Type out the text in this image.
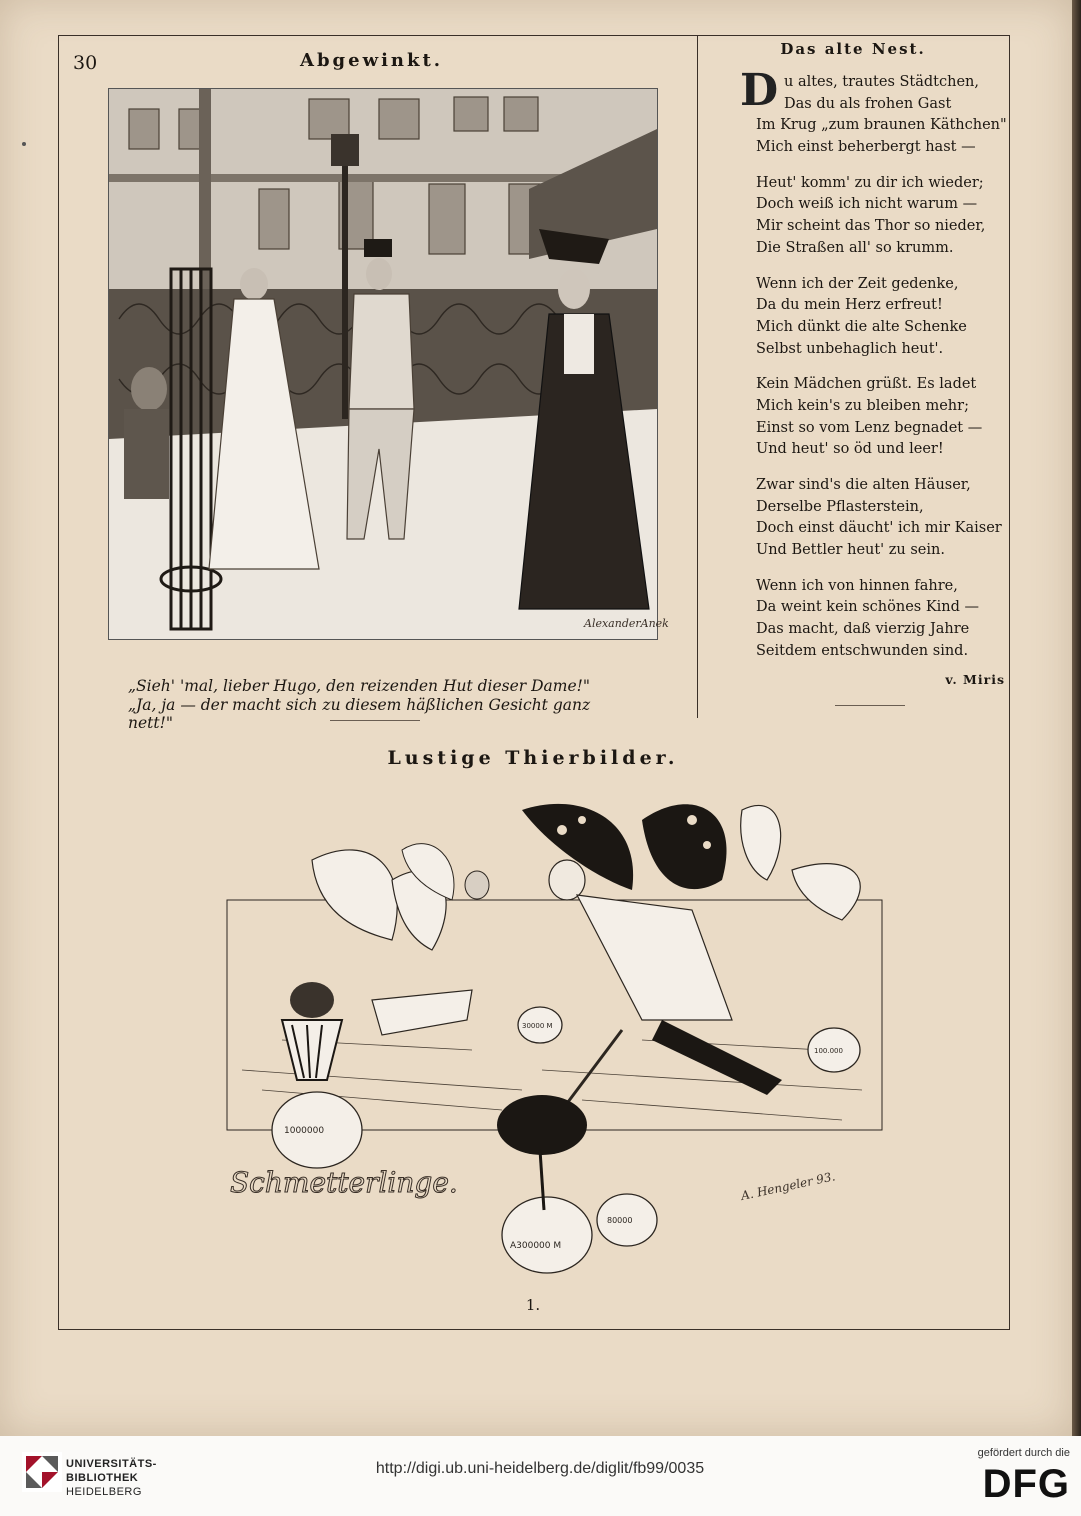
30	Abgewinkt.
AlexanderAnek
„Sieh' 'mal, lieber Hugo, den reizenden Hut dieser Dame!"
„Ja, ja — der macht sich zu diesem häßlichen Gesicht ganz nett!"
Das alte Nest.
D u altes, trautes Städtchen,
Das du als frohen Gast
Im Krug „zum braunen Käthchen"
Mich einst beherbergt hast —
Heut' komm' zu dir ich wieder;
Doch weiß ich nicht warum —
Mir scheint das Thor so nieder,
Die Straßen all' so krumm.
Wenn ich der Zeit gedenke,
Da du mein Herz erfreut!
Mich dünkt die alte Schenke
Selbst unbehaglich heut'.
Kein Mädchen grüßt. Es ladet
Mich kein's zu bleiben mehr;
Einst so vom Lenz begnadet —
Und heut' so öd und leer!
Zwar sind's die alten Häuser,
Derselbe Pflasterstein,
Doch einst däucht' ich mir Kaiser
Und Bettler heut' zu sein.
Wenn ich von hinnen fahre,
Da weint kein schönes Kind —
Das macht, daß vierzig Jahre
Seitdem entschwunden sind.
v. Miris
Lustige Thierbilder.
1000000
A300000 M
80000
30000 M
100.000
Schmetterlinge.	A. Hengeler 93.
1.
UNIVERSITÄTS-
BIBLIOTHEK
HEIDELBERG
http://digi.ub.uni-heidelberg.de/diglit/fb99/0035
gefördert durch die
DFG
